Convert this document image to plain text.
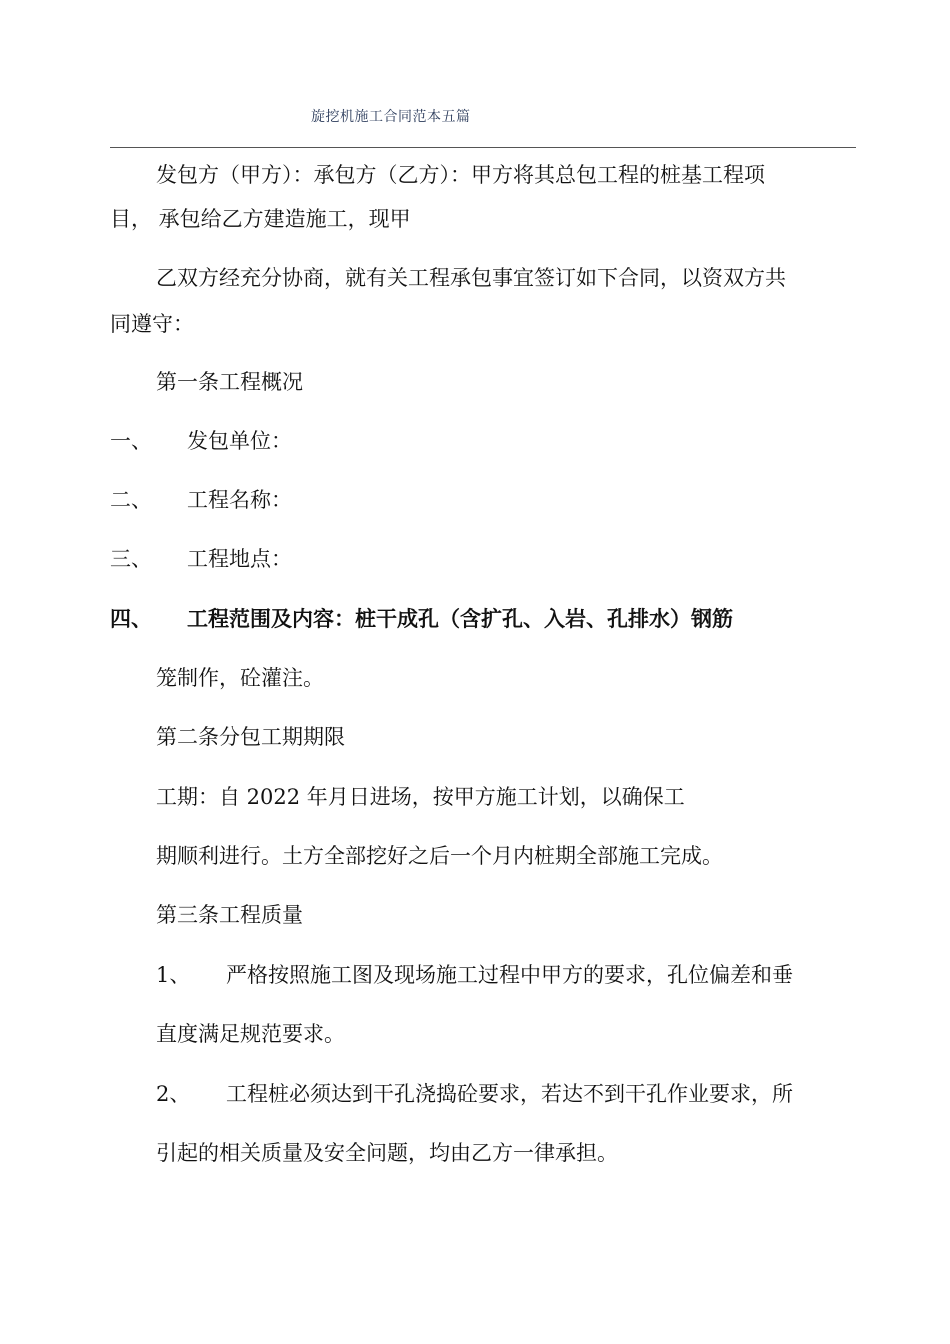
旋挖机施工合同范本五篇
发包方（甲方）：承包方（乙方）：甲方将其总包工程的桩基工程项
目， 承包给乙方建造施工，现甲
乙双方经充分协商，就有关工程承包事宜签订如下合同，以资双方共
同遵守：
第一条工程概况
一、 发包单位：
二、 工程名称：
三、 工程地点：
四、 工程范围及内容：桩干成孔（含扩孔、入岩、孔排水）钢筋
笼制作，砼灌注。
第二条分包工期期限
工期：自 2022 年月日进场，按甲方施工计划，以确保工
期顺利进行。土方全部挖好之后一个月内桩期全部施工完成。
第三条工程质量
1、 严格按照施工图及现场施工过程中甲方的要求，孔位偏差和垂
直度满足规范要求。
2、 工程桩必须达到干孔浇捣砼要求，若达不到干孔作业要求，所
引起的相关质量及安全问题，均由乙方一律承担。
